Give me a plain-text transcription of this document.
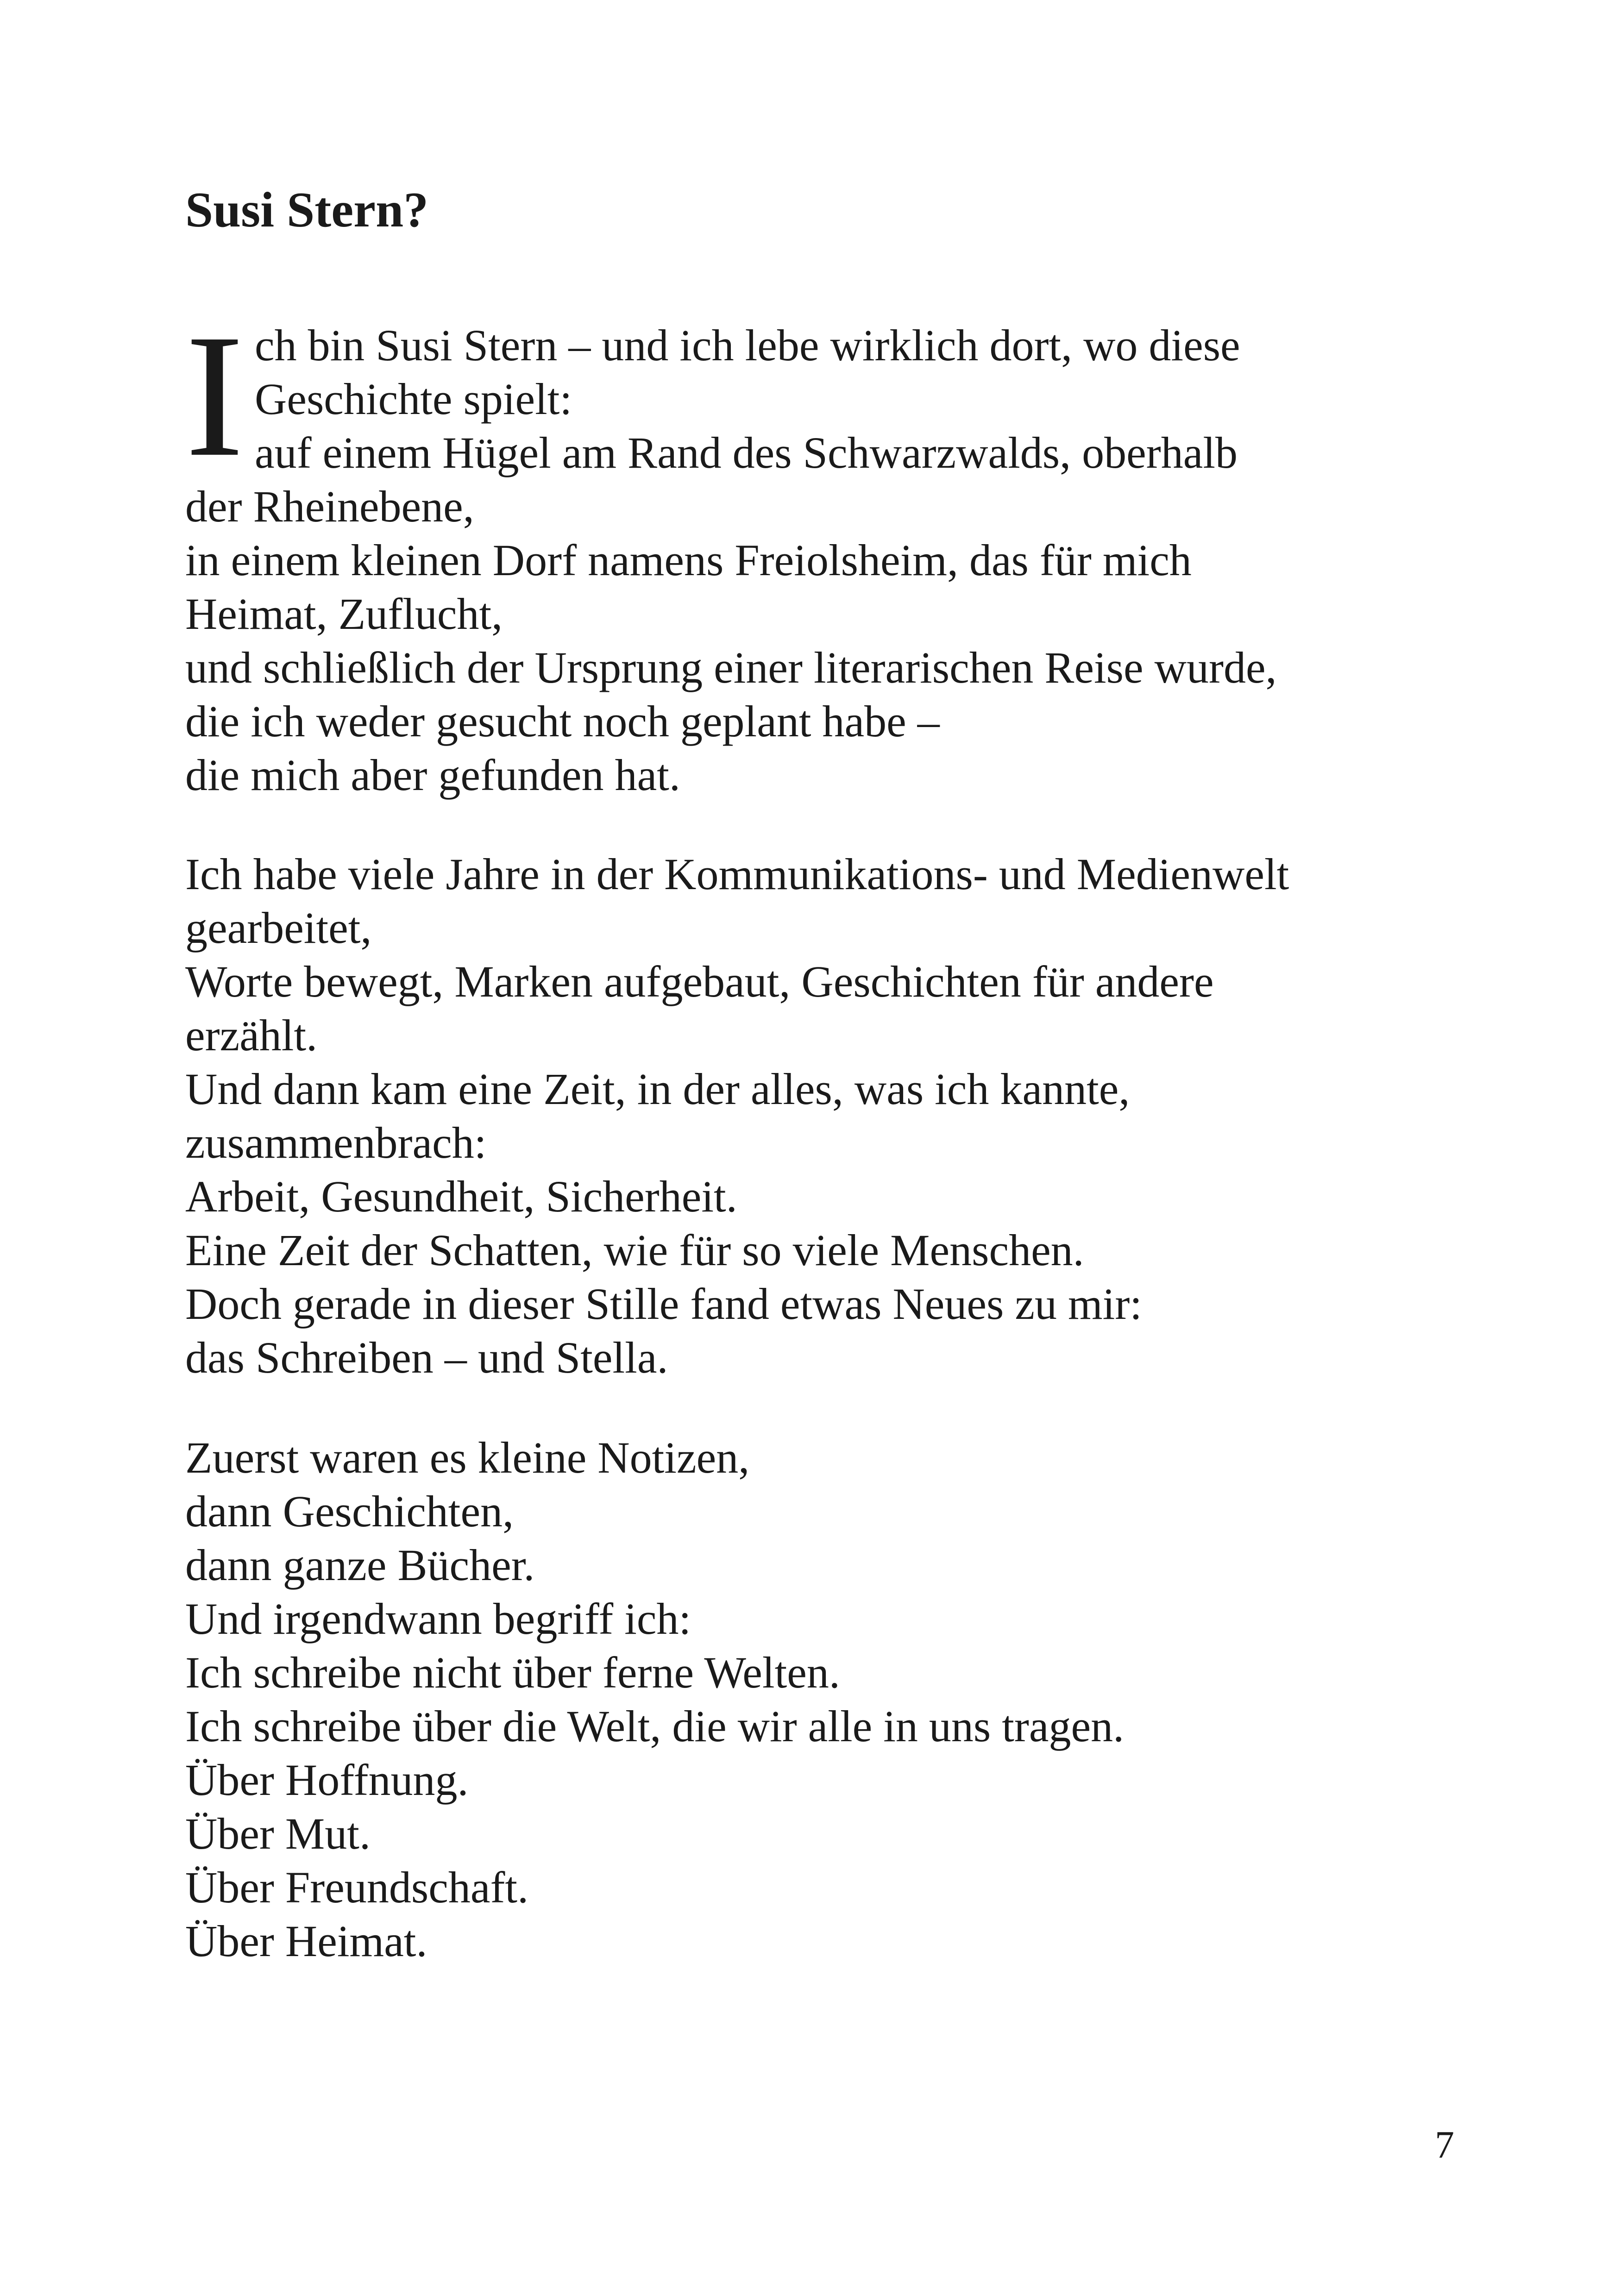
Susi Stern?
I ch bin Susi Stern – und ich lebe wirklich dort, wo diese
Geschichte spielt:
auf einem Hügel am Rand des Schwarzwalds, oberhalb
der Rheinebene,
in einem kleinen Dorf namens Freiolsheim, das für mich
Heimat, Zuflucht,
und schließlich der Ursprung einer literarischen Reise wurde,
die ich weder gesucht noch geplant habe –
die mich aber gefunden hat.
Ich habe viele Jahre in der Kommunikations- und Medienwelt
gearbeitet,
Worte bewegt, Marken aufgebaut, Geschichten für andere
erzählt.
Und dann kam eine Zeit, in der alles, was ich kannte,
zusammenbrach:
Arbeit, Gesundheit, Sicherheit.
Eine Zeit der Schatten, wie für so viele Menschen.
Doch gerade in dieser Stille fand etwas Neues zu mir:
das Schreiben – und Stella.
Zuerst waren es kleine Notizen,
dann Geschichten,
dann ganze Bücher.
Und irgendwann begriff ich:
Ich schreibe nicht über ferne Welten.
Ich schreibe über die Welt, die wir alle in uns tragen.
Über Hoffnung.
Über Mut.
Über Freundschaft.
Über Heimat.
7
